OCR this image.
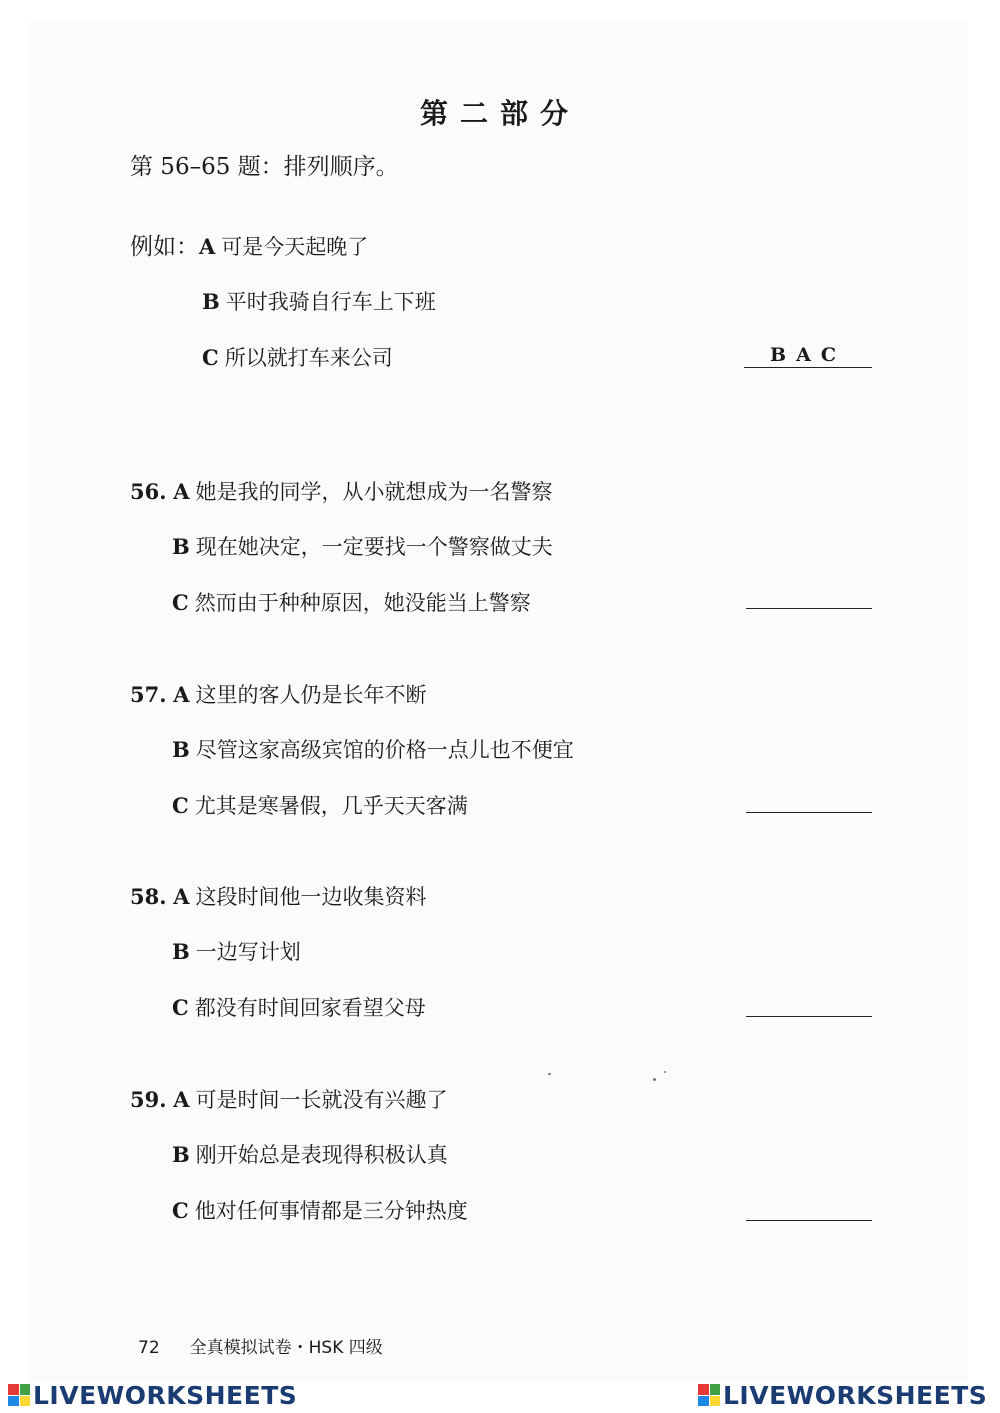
第二部分
第 56–65 题：排列顺序。
例如：A 可是今天起晚了
B 平时我骑自行车上下班
C 所以就打车来公司	BAC
56. A 她是我的同学，从小就想成为一名警察
B 现在她决定，一定要找一个警察做丈夫
C 然而由于种种原因，她没能当上警察
57. A 这里的客人仍是长年不断
B 尽管这家高级宾馆的价格一点儿也不便宜
C 尤其是寒暑假，几乎天天客满
58. A 这段时间他一边收集资料
B 一边写计划
C 都没有时间回家看望父母
59. A 可是时间一长就没有兴趣了
B 刚开始总是表现得积极认真
C 他对任何事情都是三分钟热度
72 全真模拟试卷・HSK 四级
LIVEWORKSHEETS	LIVEWORKSHEETS
